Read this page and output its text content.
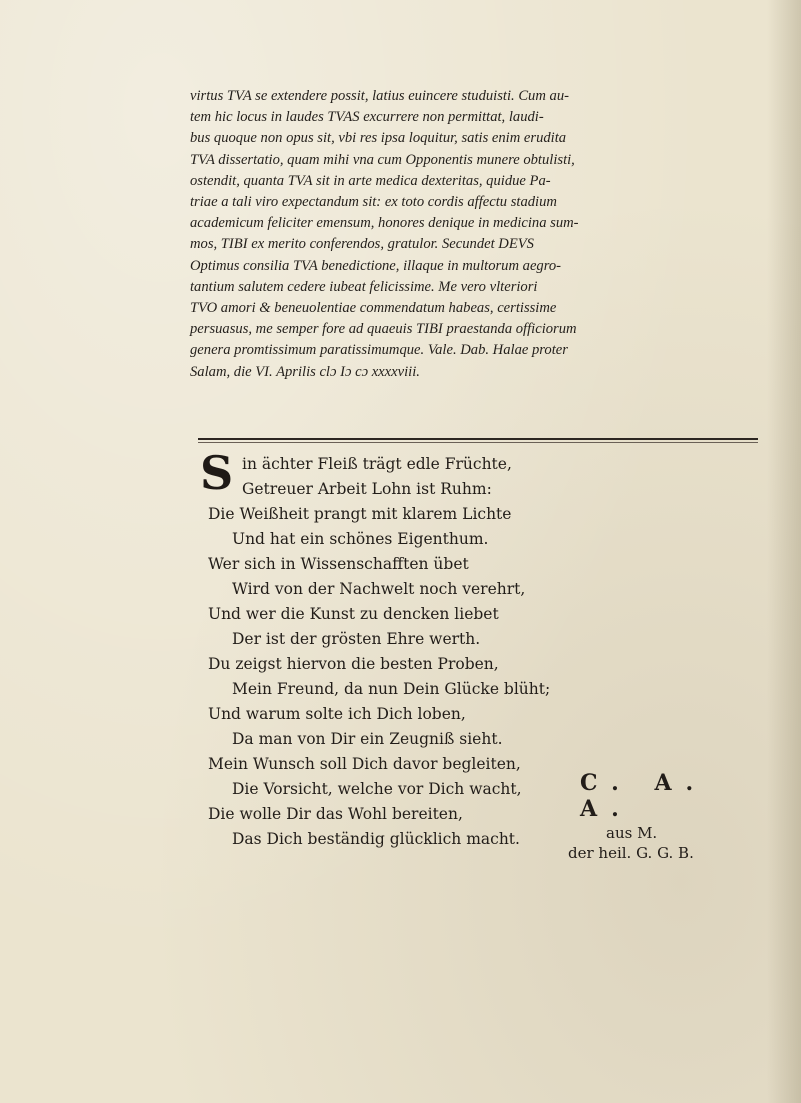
virtus TVA se extendere possit, latius euincere studuisti. Cum au-
tem hic locus in laudes TVAS excurrere non permittat, laudi-
bus quoque non opus sit, vbi res ipsa loquitur, satis enim erudita
TVA dissertatio, quam mihi vna cum Opponentis munere obtulisti,
ostendit, quanta TVA sit in arte medica dexteritas, quidue Pa-
triae a tali viro expectandum sit: ex toto cordis affectu stadium
academicum feliciter emensum, honores denique in medicina sum-
mos, TIBI ex merito conferendos, gratulor. Secundet DEVS
Optimus consilia TVA benedictione, illaque in multorum aegro-
tantium salutem cedere iubeat felicissime. Me vero vlteriori
TVO amori & beneuolentiae commendatum habeas, certissime
persuasus, me semper fore ad quaeuis TIBI praestanda officiorum
genera promtissimum paratissimumque. Vale. Dab. Halae proter
Salam, die VI. Aprilis clɔ Iɔ cɔ xxxxviii.
S in ächter Fleiß trägt edle Früchte,
Getreuer Arbeit Lohn ist Ruhm:
Die Weißheit prangt mit klarem Lichte
Und hat ein schönes Eigenthum.
Wer sich in Wissenschafften übet
Wird von der Nachwelt noch verehrt,
Und wer die Kunst zu dencken liebet
Der ist der grösten Ehre werth.
Du zeigst hiervon die besten Proben,
Mein Freund, da nun Dein Glücke blüht;
Und warum solte ich Dich loben,
Da man von Dir ein Zeugniß sieht.
Mein Wunsch soll Dich davor begleiten,
Die Vorsicht, welche vor Dich wacht,
Die wolle Dir das Wohl bereiten,
Das Dich beständig glücklich macht.
C. A. A.
aus M.
der heil. G. G. B.
